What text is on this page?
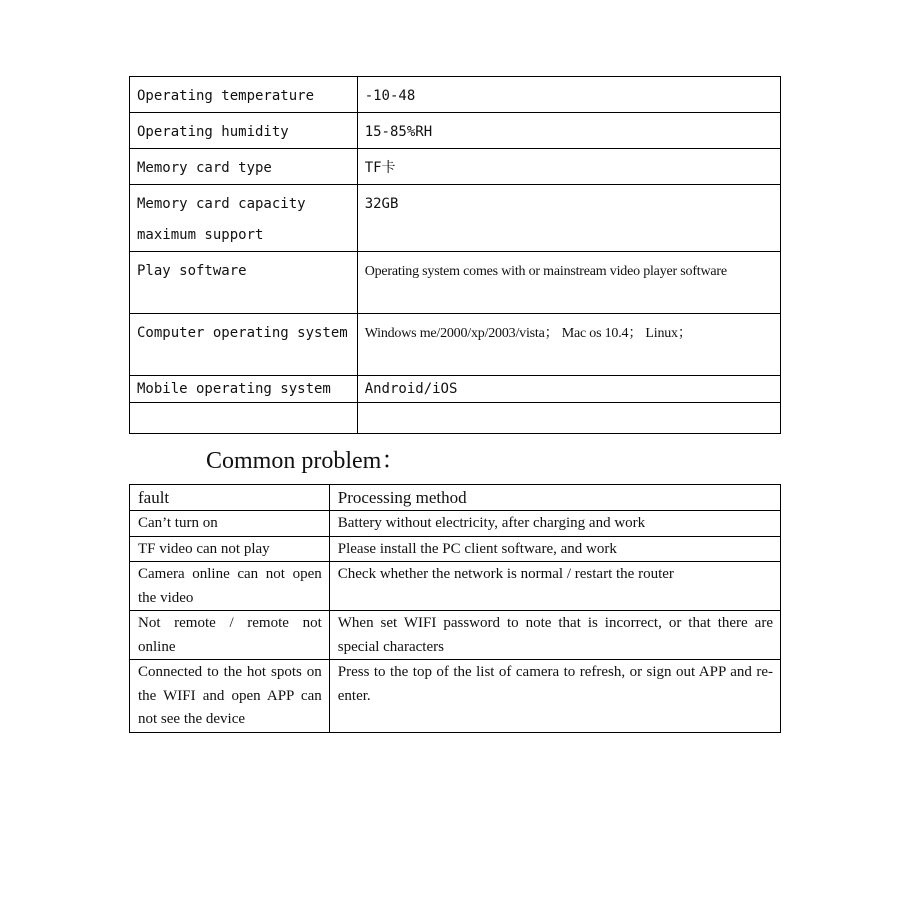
Operating temperature	-10-48
Operating humidity	15-85%RH
Memory card type	TF卡
Memory card capacity maximum support	32GB
Play software	Operating system comes with or mainstream video player software
Computer operating system	Windows me/2000/xp/2003/vista； Mac os 10.4； Linux；
Mobile operating system	Android/iOS

Common problem：
fault	Processing method
Can’t turn on	Battery without electricity, after charging and work
TF video can not play	Please install the PC client software, and work
Camera online can not open the video	Check whether the network is normal / restart the router
Not remote / remote not online	When set WIFI password to note that is incorrect, or that there are special characters
Connected to the hot spots on the WIFI and open APP can not see the device	Press to the top of the list of camera to refresh, or sign out APP and re-enter.
